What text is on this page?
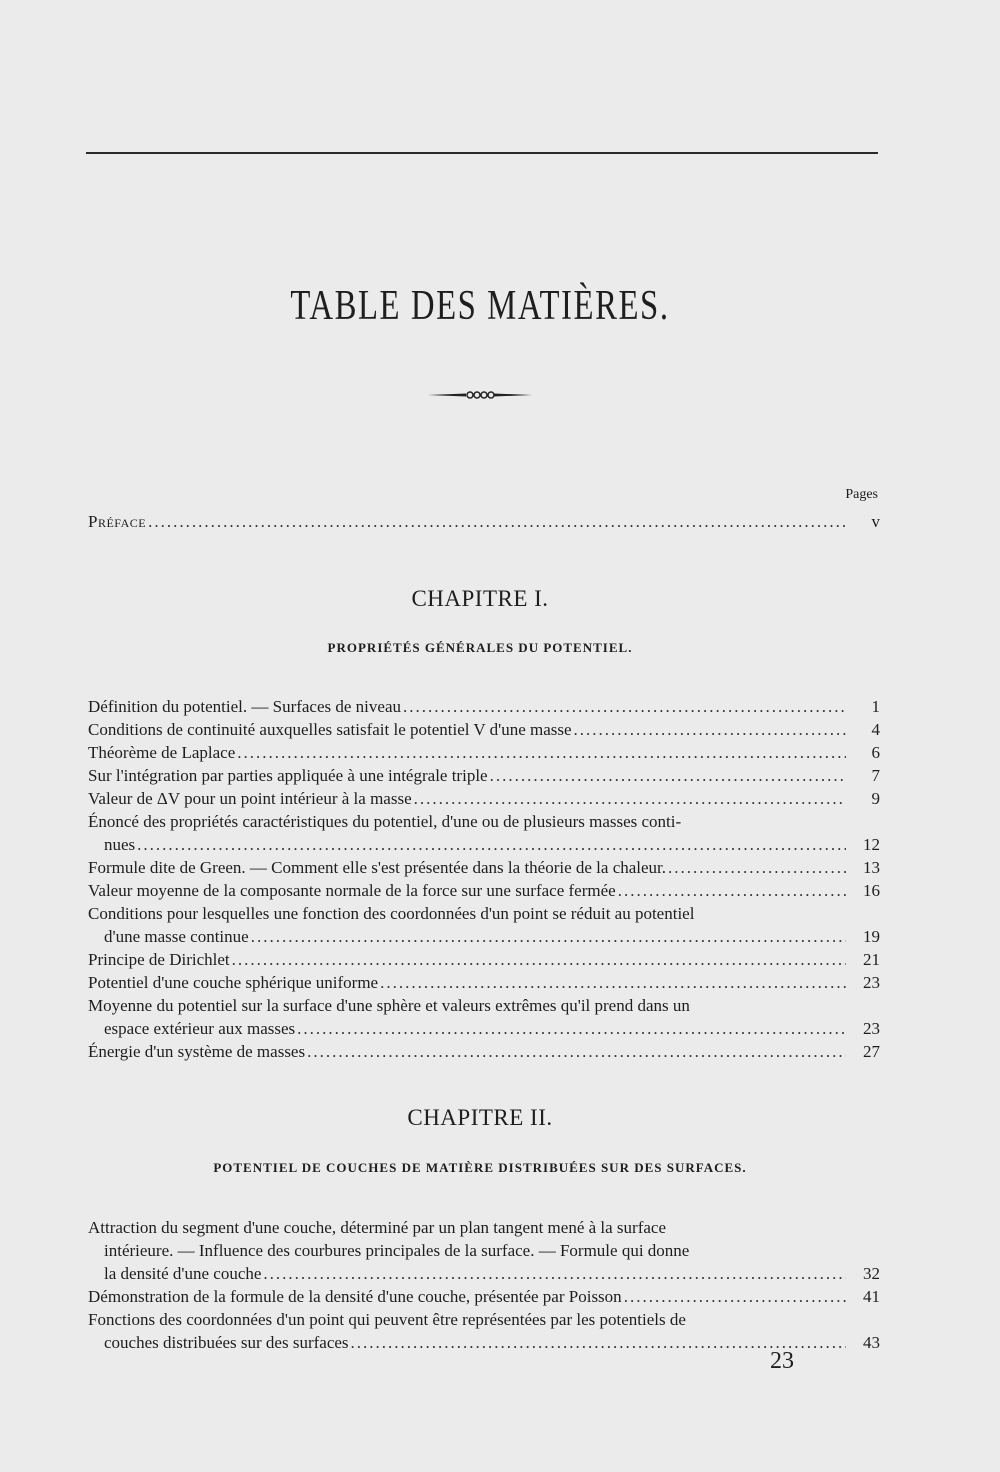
TABLE DES MATIÈRES.
Pages
Préface .....	v
CHAPITRE I.
PROPRIÉTÉS GÉNÉRALES DU POTENTIEL.
Définition du potentiel. — Surfaces de niveau .....	1
Conditions de continuité auxquelles satisfait le potentiel V d'une masse .....	4
Théorème de Laplace .....	6
Sur l'intégration par parties appliquée à une intégrale triple .....	7
Valeur de ΔV pour un point intérieur à la masse .....	9
Énoncé des propriétés caractéristiques du potentiel, d'une ou de plusieurs masses conti-
nues .....	12
Formule dite de Green. — Comment elle s'est présentée dans la théorie de la chaleur. .....	13
Valeur moyenne de la composante normale de la force sur une surface fermée .....	16
Conditions pour lesquelles une fonction des coordonnées d'un point se réduit au potentiel
d'une masse continue .....	19
Principe de Dirichlet .....	21
Potentiel d'une couche sphérique uniforme .....	23
Moyenne du potentiel sur la surface d'une sphère et valeurs extrêmes qu'il prend dans un
espace extérieur aux masses .....	23
Énergie d'un système de masses .....	27
CHAPITRE II.
POTENTIEL DE COUCHES DE MATIÈRE DISTRIBUÉES SUR DES SURFACES.
Attraction du segment d'une couche, déterminé par un plan tangent mené à la surface
intérieure. — Influence des courbures principales de la surface. — Formule qui donne
la densité d'une couche .....	32
Démonstration de la formule de la densité d'une couche, présentée par Poisson .....	41
Fonctions des coordonnées d'un point qui peuvent être représentées par les potentiels de
couches distribuées sur des surfaces .....	43
23
